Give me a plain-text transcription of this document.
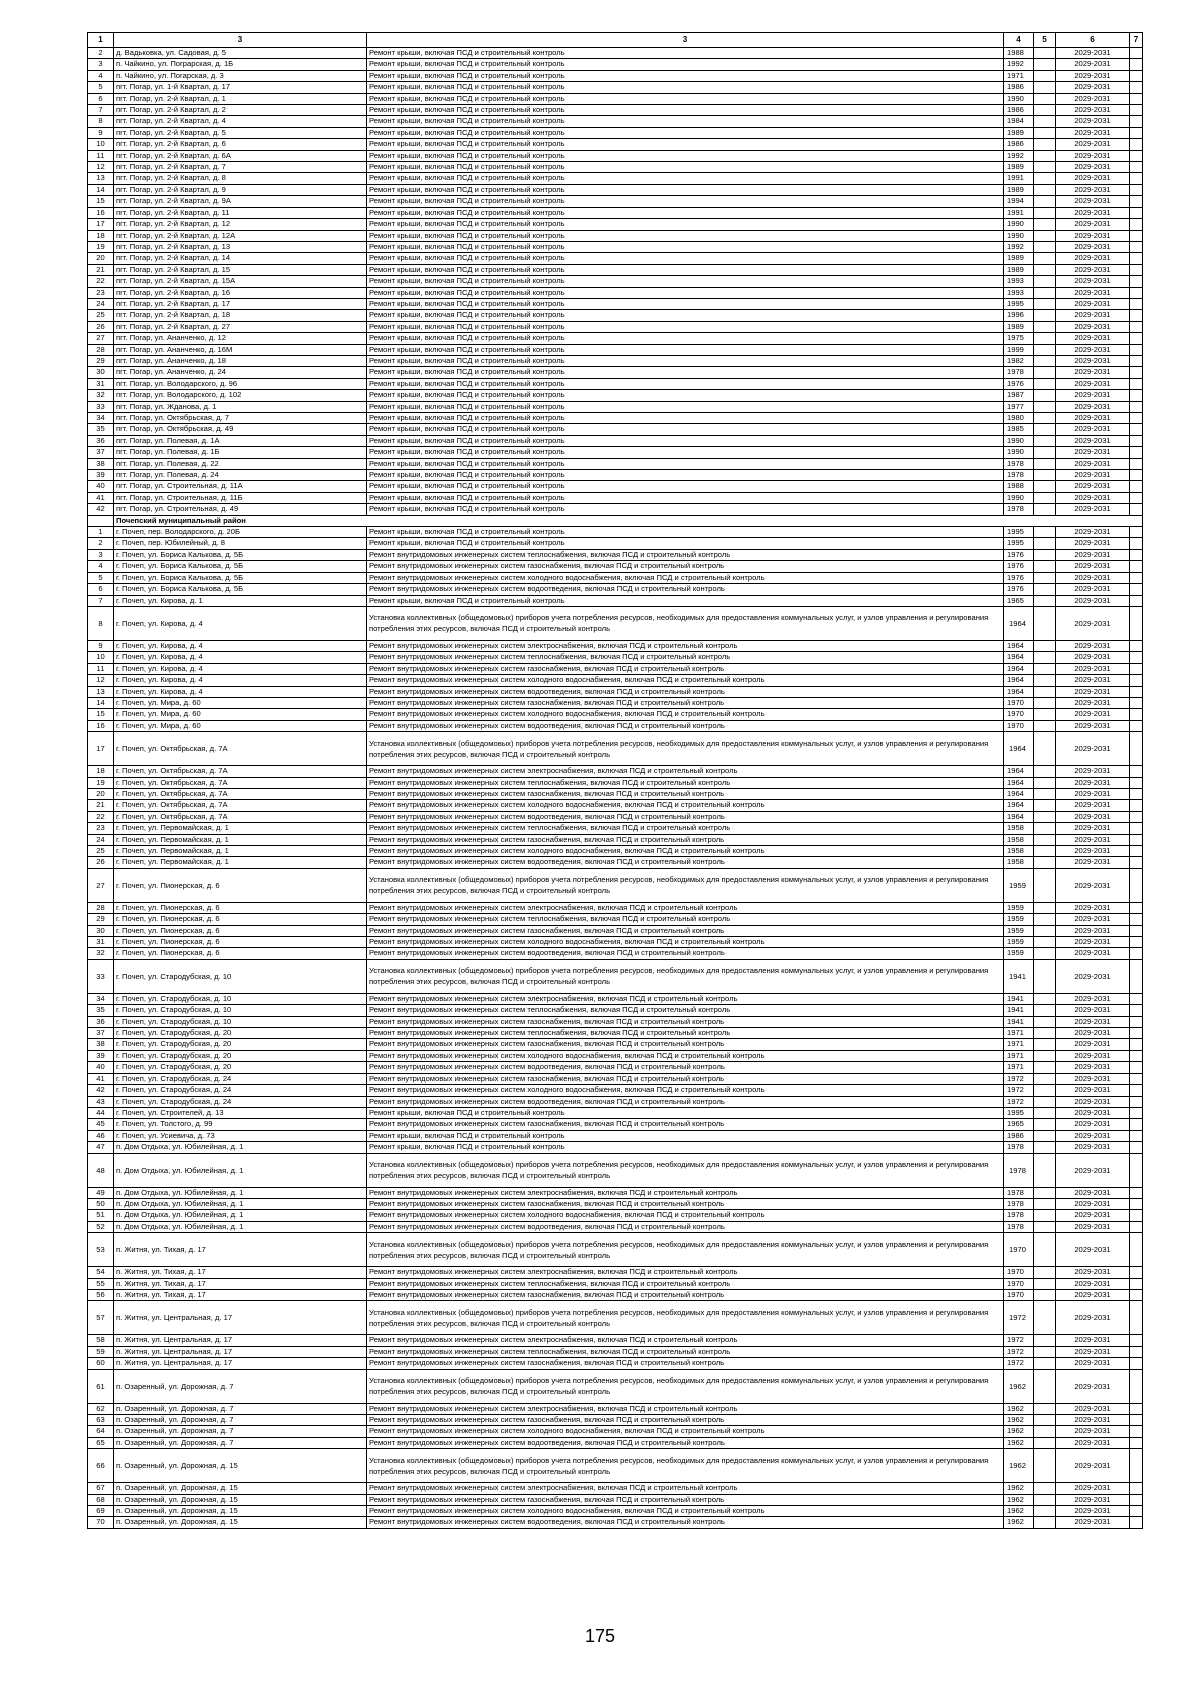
1	3	3	4	5	6	7
2	д. Вадьковка, ул. Садовая, д. 5	Ремонт крыши, включая ПСД и строительный контроль	1988		2029-2031	
3	п. Чайкино, ул. Пограрская, д. 1Б	Ремонт крыши, включая ПСД и строительный контроль	1992		2029-2031	
4	п. Чайкино, ул. Погарская, д. 3	Ремонт крыши, включая ПСД и строительный контроль	1971		2029-2031	
5	пгт. Погар, ул. 1-й Квартал, д. 17	Ремонт крыши, включая ПСД и строительный контроль	1986		2029-2031	
6	пгт. Погар, ул. 2-й Квартал, д. 1	Ремонт крыши, включая ПСД и строительный контроль	1990		2029-2031	
7	пгт. Погар, ул. 2-й Квартал, д. 2	Ремонт крыши, включая ПСД и строительный контроль	1986		2029-2031	
8	пгт. Погар, ул. 2-й Квартал, д. 4	Ремонт крыши, включая ПСД и строительный контроль	1984		2029-2031	
9	пгт. Погар, ул. 2-й Квартал, д. 5	Ремонт крыши, включая ПСД и строительный контроль	1989		2029-2031	
10	пгт. Погар, ул. 2-й Квартал, д. 6	Ремонт крыши, включая ПСД и строительный контроль	1986		2029-2031	
11	пгт. Погар, ул. 2-й Квартал, д. 6А	Ремонт крыши, включая ПСД и строительный контроль	1992		2029-2031	
12	пгт. Погар, ул. 2-й Квартал, д. 7	Ремонт крыши, включая ПСД и строительный контроль	1989		2029-2031	
13	пгт. Погар, ул. 2-й Квартал, д. 8	Ремонт крыши, включая ПСД и строительный контроль	1991		2029-2031	
14	пгт. Погар, ул. 2-й Квартал, д. 9	Ремонт крыши, включая ПСД и строительный контроль	1989		2029-2031	
15	пгт. Погар, ул. 2-й Квартал, д. 9А	Ремонт крыши, включая ПСД и строительный контроль	1994		2029-2031	
16	пгт. Погар, ул. 2-й Квартал, д. 11	Ремонт крыши, включая ПСД и строительный контроль	1991		2029-2031	
17	пгт. Погар, ул. 2-й Квартал, д. 12	Ремонт крыши, включая ПСД и строительный контроль	1990		2029-2031	
18	пгт. Погар, ул. 2-й Квартал, д. 12А	Ремонт крыши, включая ПСД и строительный контроль	1990		2029-2031	
19	пгт. Погар, ул. 2-й Квартал, д. 13	Ремонт крыши, включая ПСД и строительный контроль	1992		2029-2031	
20	пгт. Погар, ул. 2-й Квартал, д. 14	Ремонт крыши, включая ПСД и строительный контроль	1989		2029-2031	
21	пгт. Погар, ул. 2-й Квартал, д. 15	Ремонт крыши, включая ПСД и строительный контроль	1989		2029-2031	
22	пгт. Погар, ул. 2-й Квартал, д. 15А	Ремонт крыши, включая ПСД и строительный контроль	1993		2029-2031	
23	пгт. Погар, ул. 2-й Квартал, д. 16	Ремонт крыши, включая ПСД и строительный контроль	1993		2029-2031	
24	пгт. Погар, ул. 2-й Квартал, д. 17	Ремонт крыши, включая ПСД и строительный контроль	1995		2029-2031	
25	пгт. Погар, ул. 2-й Квартал, д. 18	Ремонт крыши, включая ПСД и строительный контроль	1996		2029-2031	
26	пгт. Погар, ул. 2-й Квартал, д. 27	Ремонт крыши, включая ПСД и строительный контроль	1989		2029-2031	
27	пгт. Погар, ул. Ананченко, д. 12	Ремонт крыши, включая ПСД и строительный контроль	1975		2029-2031	
28	пгт. Погар, ул. Ананченко, д. 16М	Ремонт крыши, включая ПСД и строительный контроль	1999		2029-2031	
29	пгт. Погар, ул. Ананченко, д. 18	Ремонт крыши, включая ПСД и строительный контроль	1982		2029-2031	
30	пгт. Погар, ул. Ананченко, д. 24	Ремонт крыши, включая ПСД и строительный контроль	1978		2029-2031	
31	пгт. Погар, ул. Володарского, д. 96	Ремонт крыши, включая ПСД и строительный контроль	1976		2029-2031	
32	пгт. Погар, ул. Володарского, д. 102	Ремонт крыши, включая ПСД и строительный контроль	1987		2029-2031	
33	пгт. Погар, ул. Жданова, д. 1	Ремонт крыши, включая ПСД и строительный контроль	1977		2029-2031	
34	пгт. Погар, ул. Октябрьская, д. 7	Ремонт крыши, включая ПСД и строительный контроль	1980		2029-2031	
35	пгт. Погар, ул. Октябрьская, д. 49	Ремонт крыши, включая ПСД и строительный контроль	1985		2029-2031	
36	пгт. Погар, ул. Полевая, д. 1А	Ремонт крыши, включая ПСД и строительный контроль	1990		2029-2031	
37	пгт. Погар, ул. Полевая, д. 1Б	Ремонт крыши, включая ПСД и строительный контроль	1990		2029-2031	
38	пгт. Погар, ул. Полевая, д. 22	Ремонт крыши, включая ПСД и строительный контроль	1978		2029-2031	
39	пгт. Погар, ул. Полевая, д. 24	Ремонт крыши, включая ПСД и строительный контроль	1978		2029-2031	
40	пгт. Погар, ул. Строительная, д. 11А	Ремонт крыши, включая ПСД и строительный контроль	1988		2029-2031	
41	пгт. Погар, ул. Строительная, д. 11Б	Ремонт крыши, включая ПСД и строительный контроль	1990		2029-2031	
42	пгт. Погар, ул. Строительная, д. 49	Ремонт крыши, включая ПСД и строительный контроль	1978		2029-2031	
	Почепский муниципальный район					
1	г. Почеп, пер. Володарского, д. 20Б	Ремонт крыши, включая ПСД и строительный контроль	1995		2029-2031	
2	г. Почеп, пер. Юбилейный, д. 8	Ремонт крыши, включая ПСД и строительный контроль	1995		2029-2031	
3	г. Почеп, ул. Бориса Калькова, д. 5Б	Ремонт внутридомовых инженерных систем теплоснабжения, включая ПСД и строительный контроль	1976		2029-2031	
4	г. Почеп, ул. Бориса Калькова, д. 5Б	Ремонт внутридомовых инженерных систем газоснабжения, включая ПСД и строительный контроль	1976		2029-2031	
5	г. Почеп, ул. Бориса Калькова, д. 5Б	Ремонт внутридомовых инженерных систем холодного водоснабжения, включая ПСД и строительный контроль	1976		2029-2031	
6	г. Почеп, ул. Бориса Калькова, д. 5Б	Ремонт внутридомовых инженерных систем водоотведения, включая ПСД и строительный контроль	1976		2029-2031	
7	г. Почеп, ул. Кирова, д. 1	Ремонт крыши, включая ПСД и строительный контроль	1965		2029-2031	
8	г. Почеп, ул. Кирова, д. 4	Установка коллективных (общедомовых) приборов учета потребления ресурсов, необходимых для предоставления коммунальных услуг, и узлов управления и регулирования потребления этих ресурсов, включая ПСД и строительный контроль	1964		2029-2031	
9	г. Почеп, ул. Кирова, д. 4	Ремонт внутридомовых инженерных систем электроснабжения, включая ПСД и строительный контроль	1964		2029-2031	
10	г. Почеп, ул. Кирова, д. 4	Ремонт внутридомовых инженерных систем теплоснабжения, включая ПСД и строительный контроль	1964		2029-2031	
11	г. Почеп, ул. Кирова, д. 4	Ремонт внутридомовых инженерных систем газоснабжения, включая ПСД и строительный контроль	1964		2029-2031	
12	г. Почеп, ул. Кирова, д. 4	Ремонт внутридомовых инженерных систем холодного водоснабжения, включая ПСД и строительный контроль	1964		2029-2031	
13	г. Почеп, ул. Кирова, д. 4	Ремонт внутридомовых инженерных систем водоотведения, включая ПСД и строительный контроль	1964		2029-2031	
14	г. Почеп, ул. Мира, д. 60	Ремонт внутридомовых инженерных систем газоснабжения, включая ПСД и строительный контроль	1970		2029-2031	
15	г. Почеп, ул. Мира, д. 60	Ремонт внутридомовых инженерных систем холодного водоснабжения, включая ПСД и строительный контроль	1970		2029-2031	
16	г. Почеп, ул. Мира, д. 60	Ремонт внутридомовых инженерных систем водоотведения, включая ПСД и строительный контроль	1970		2029-2031	
17	г. Почеп, ул. Октябрьская, д. 7А	Установка коллективных (общедомовых) приборов учета потребления ресурсов, необходимых для предоставления коммунальных услуг, и узлов управления и регулирования потребления этих ресурсов, включая ПСД и строительный контроль	1964		2029-2031	
18	г. Почеп, ул. Октябрьская, д. 7А	Ремонт внутридомовых инженерных систем электроснабжения, включая ПСД и строительный контроль	1964		2029-2031	
19	г. Почеп, ул. Октябрьская, д. 7А	Ремонт внутридомовых инженерных систем теплоснабжения, включая ПСД и строительный контроль	1964		2029-2031	
20	г. Почеп, ул. Октябрьская, д. 7А	Ремонт внутридомовых инженерных систем газоснабжения, включая ПСД и строительный контроль	1964		2029-2031	
21	г. Почеп, ул. Октябрьская, д. 7А	Ремонт внутридомовых инженерных систем холодного водоснабжения, включая ПСД и строительный контроль	1964		2029-2031	
22	г. Почеп, ул. Октябрьская, д. 7А	Ремонт внутридомовых инженерных систем водоотведения, включая ПСД и строительный контроль	1964		2029-2031	
23	г. Почеп, ул. Первомайская, д. 1	Ремонт внутридомовых инженерных систем теплоснабжения, включая ПСД и строительный контроль	1958		2029-2031	
24	г. Почеп, ул. Первомайская, д. 1	Ремонт внутридомовых инженерных систем газоснабжения, включая ПСД и строительный контроль	1958		2029-2031	
25	г. Почеп, ул. Первомайская, д. 1	Ремонт внутридомовых инженерных систем холодного водоснабжения, включая ПСД и строительный контроль	1958		2029-2031	
26	г. Почеп, ул. Первомайская, д. 1	Ремонт внутридомовых инженерных систем водоотведения, включая ПСД и строительный контроль	1958		2029-2031	
27	г. Почеп, ул. Пионерская, д. 6	Установка коллективных (общедомовых) приборов учета потребления ресурсов, необходимых для предоставления коммунальных услуг, и узлов управления и регулирования потребления этих ресурсов, включая ПСД и строительный контроль	1959		2029-2031	
28	г. Почеп, ул. Пионерская, д. 6	Ремонт внутридомовых инженерных систем электроснабжения, включая ПСД и строительный контроль	1959		2029-2031	
29	г. Почеп, ул. Пионерская, д. 6	Ремонт внутридомовых инженерных систем теплоснабжения, включая ПСД и строительный контроль	1959		2029-2031	
30	г. Почеп, ул. Пионерская, д. 6	Ремонт внутридомовых инженерных систем газоснабжения, включая ПСД и строительный контроль	1959		2029-2031	
31	г. Почеп, ул. Пионерская, д. 6	Ремонт внутридомовых инженерных систем холодного водоснабжения, включая ПСД и строительный контроль	1959		2029-2031	
32	г. Почеп, ул. Пионерская, д. 6	Ремонт внутридомовых инженерных систем водоотведения, включая ПСД и строительный контроль	1959		2029-2031	
33	г. Почеп, ул. Стародубская, д. 10	Установка коллективных (общедомовых) приборов учета потребления ресурсов, необходимых для предоставления коммунальных услуг, и узлов управления и регулирования потребления этих ресурсов, включая ПСД и строительный контроль	1941		2029-2031	
34	г. Почеп, ул. Стародубская, д. 10	Ремонт внутридомовых инженерных систем электроснабжения, включая ПСД и строительный контроль	1941		2029-2031	
35	г. Почеп, ул. Стародубская, д. 10	Ремонт внутридомовых инженерных систем теплоснабжения, включая ПСД и строительный контроль	1941		2029-2031	
36	г. Почеп, ул. Стародубская, д. 10	Ремонт внутридомовых инженерных систем газоснабжения, включая ПСД и строительный контроль	1941		2029-2031	
37	г. Почеп, ул. Стародубская, д. 20	Ремонт внутридомовых инженерных систем теплоснабжения, включая ПСД и строительный контроль	1971		2029-2031	
38	г. Почеп, ул. Стародубская, д. 20	Ремонт внутридомовых инженерных систем газоснабжения, включая ПСД и строительный контроль	1971		2029-2031	
39	г. Почеп, ул. Стародубская, д. 20	Ремонт внутридомовых инженерных систем холодного водоснабжения, включая ПСД и строительный контроль	1971		2029-2031	
40	г. Почеп, ул. Стародубская, д. 20	Ремонт внутридомовых инженерных систем водоотведения, включая ПСД и строительный контроль	1971		2029-2031	
41	г. Почеп, ул. Стародубская, д. 24	Ремонт внутридомовых инженерных систем газоснабжения, включая ПСД и строительный контроль	1972		2029-2031	
42	г. Почеп, ул. Стародубская, д. 24	Ремонт внутридомовых инженерных систем холодного водоснабжения, включая ПСД и строительный контроль	1972		2029-2031	
43	г. Почеп, ул. Стародубская, д. 24	Ремонт внутридомовых инженерных систем водоотведения, включая ПСД и строительный контроль	1972		2029-2031	
44	г. Почеп, ул. Строителей, д. 13	Ремонт крыши, включая ПСД и строительный контроль	1995		2029-2031	
45	г. Почеп, ул. Толстого, д. 99	Ремонт внутридомовых инженерных систем газоснабжения, включая ПСД и строительный контроль	1965		2029-2031	
46	г. Почеп, ул. Усиевича, д. 73	Ремонт крыши, включая ПСД и строительный контроль	1986		2029-2031	
47	п. Дом Отдыха, ул. Юбилейная, д. 1	Ремонт крыши, включая ПСД и строительный контроль	1978		2029-2031	
48	п. Дом Отдыха, ул. Юбилейная, д. 1	Установка коллективных (общедомовых) приборов учета потребления ресурсов, необходимых для предоставления коммунальных услуг, и узлов управления и регулирования потребления этих ресурсов, включая ПСД и строительный контроль	1978		2029-2031	
49	п. Дом Отдыха, ул. Юбилейная, д. 1	Ремонт внутридомовых инженерных систем электроснабжения, включая ПСД и строительный контроль	1978		2029-2031	
50	п. Дом Отдыха, ул. Юбилейная, д. 1	Ремонт внутридомовых инженерных систем газоснабжения, включая ПСД и строительный контроль	1978		2029-2031	
51	п. Дом Отдыха, ул. Юбилейная, д. 1	Ремонт внутридомовых инженерных систем холодного водоснабжения, включая ПСД и строительный контроль	1978		2029-2031	
52	п. Дом Отдыха, ул. Юбилейная, д. 1	Ремонт внутридомовых инженерных систем водоотведения, включая ПСД и строительный контроль	1978		2029-2031	
53	п. Житня, ул. Тихая, д. 17	Установка коллективных (общедомовых) приборов учета потребления ресурсов, необходимых для предоставления коммунальных услуг, и узлов управления и регулирования потребления этих ресурсов, включая ПСД и строительный контроль	1970		2029-2031	
54	п. Житня, ул. Тихая, д. 17	Ремонт внутридомовых инженерных систем электроснабжения, включая ПСД и строительный контроль	1970		2029-2031	
55	п. Житня, ул. Тихая, д. 17	Ремонт внутридомовых инженерных систем теплоснабжения, включая ПСД и строительный контроль	1970		2029-2031	
56	п. Житня, ул. Тихая, д. 17	Ремонт внутридомовых инженерных систем газоснабжения, включая ПСД и строительный контроль	1970		2029-2031	
57	п. Житня, ул. Центральная, д. 17	Установка коллективных (общедомовых) приборов учета потребления ресурсов, необходимых для предоставления коммунальных услуг, и узлов управления и регулирования потребления этих ресурсов, включая ПСД и строительный контроль	1972		2029-2031	
58	п. Житня, ул. Центральная, д. 17	Ремонт внутридомовых инженерных систем электроснабжения, включая ПСД и строительный контроль	1972		2029-2031	
59	п. Житня, ул. Центральная, д. 17	Ремонт внутридомовых инженерных систем теплоснабжения, включая ПСД и строительный контроль	1972		2029-2031	
60	п. Житня, ул. Центральная, д. 17	Ремонт внутридомовых инженерных систем газоснабжения, включая ПСД и строительный контроль	1972		2029-2031	
61	п. Озаренный, ул. Дорожная, д. 7	Установка коллективных (общедомовых) приборов учета потребления ресурсов, необходимых для предоставления коммунальных услуг, и узлов управления и регулирования потребления этих ресурсов, включая ПСД и строительный контроль	1962		2029-2031	
62	п. Озаренный, ул. Дорожная, д. 7	Ремонт внутридомовых инженерных систем электроснабжения, включая ПСД и строительный контроль	1962		2029-2031	
63	п. Озаренный, ул. Дорожная, д. 7	Ремонт внутридомовых инженерных систем газоснабжения, включая ПСД и строительный контроль	1962		2029-2031	
64	п. Озаренный, ул. Дорожная, д. 7	Ремонт внутридомовых инженерных систем холодного водоснабжения, включая ПСД и строительный контроль	1962		2029-2031	
65	п. Озаренный, ул. Дорожная, д. 7	Ремонт внутридомовых инженерных систем водоотведения, включая ПСД и строительный контроль	1962		2029-2031	
66	п. Озаренный, ул. Дорожная, д. 15	Установка коллективных (общедомовых) приборов учета потребления ресурсов, необходимых для предоставления коммунальных услуг, и узлов управления и регулирования потребления этих ресурсов, включая ПСД и строительный контроль	1962		2029-2031	
67	п. Озаренный, ул. Дорожная, д. 15	Ремонт внутридомовых инженерных систем электроснабжения, включая ПСД и строительный контроль	1962		2029-2031	
68	п. Озаренный, ул. Дорожная, д. 15	Ремонт внутридомовых инженерных систем газоснабжения, включая ПСД и строительный контроль	1962		2029-2031	
69	п. Озаренный, ул. Дорожная, д. 15	Ремонт внутридомовых инженерных систем холодного водоснабжения, включая ПСД и строительный контроль	1962		2029-2031	
70	п. Озаренный, ул. Дорожная, д. 15	Ремонт внутридомовых инженерных систем водоотведения, включая ПСД и строительный контроль	1962		2029-2031	
175
